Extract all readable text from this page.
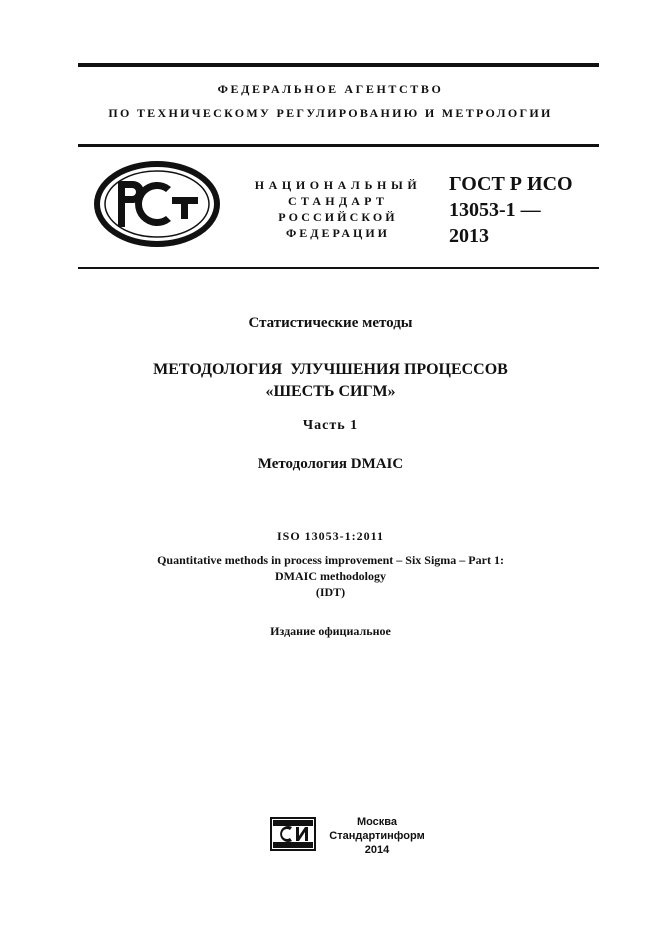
ФЕДЕРАЛЬНОЕ АГЕНТСТВО
ПО ТЕХНИЧЕСКОМУ РЕГУЛИРОВАНИЮ И МЕТРОЛОГИИ
НАЦИОНАЛЬНЫЙ
СТАНДАРТ
РОССИЙСКОЙ
ФЕДЕРАЦИИ
ГОСТ Р ИСО
13053-1 —
2013
Статистические методы
МЕТОДОЛОГИЯ  УЛУЧШЕНИЯ ПРОЦЕССОВ
«ШЕСТЬ СИГМ»
Часть 1
Методология DMAIC
ISO 13053-1:2011
Quantitative methods in process improvement – Six Sigma – Part 1:
DMAIC methodology
(IDT)
Издание официальное
Москва
Стандартинформ
2014
